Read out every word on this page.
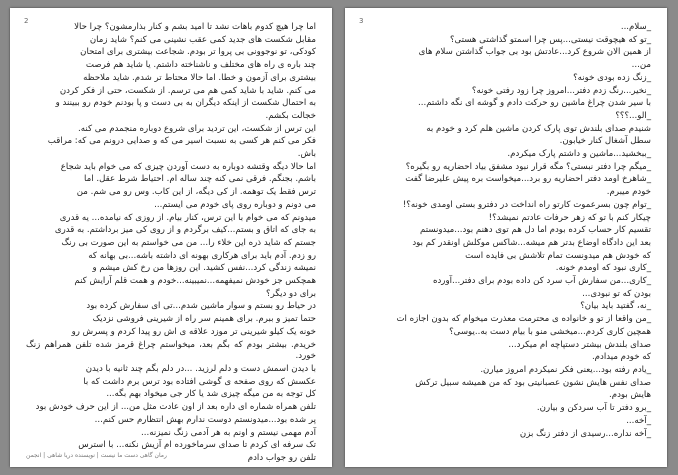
2

اما چرا هیچ کدوم باهات نشد تا امید بشم و کنار بذارمشون؟ چرا حالا

مقابل شکست های جدید کمی عقب نشینی می کنم؟ شاید زمان

کودکی، تو نوجوونی بی پروا تر بودم. شجاعت بیشتری برای امتحان

چند باره ی راه های مختلف و ناشناخته داشتم. یا شاید هم فرصت

بیشتری برای آزمون و خطا. اما حالا محتاط تر شدم. شاید ملاحظه

می کنم. شاید با شاید کمی هم می ترسم. از شکست، حتی از فکر کردن

به احتمال شکست از اینکه دیگران به بی دست و پا بودنم خودم رو ببینند و

خجالت بکشم.

این ترس از شکست، این تردید برای شروع دوباره منجمدم می کنه.

فکر می کنم هر کسی به نسبت اسیر می که و صدایی درونم می که: مراقب

باش.

اما حالا دیگه وقتشه دوباره به دست آوردن چیزی که می خوام باید شجاع

باشم. بجنگم. فرقی نمی کنه چند ساله ام. احتیاط شرط عقل. اما

ترس فقط یک توهمه. از کی دیگه، از این کاب. وس رو می شم. من

می دونم و دوباره روی پای خودم می ایستم...

میدونم که می خوام با این ترس، کنار بیام. از روزی که نیامده... یه قدری

به جای که اتاق و بستم...کیف برگردم و از روی کی میز برداشتم. به قدری

جستم که شاید ذره این خلاء را... من می خواستم به این صورت بی رنگ

رو زدم. آدم باید برای هرکاری بهونه ای داشته باشه...بی بهانه که

نمیشه زندگی کرد...نفس کشید. این روزها من رخ کش میشم و

همچکس جز خودش نمیفهمه...نمیبینه...خودم و همت قلم آرایش کنم

برای دو دیگر؟

در حیاط رو بستم و سوار ماشین شدم...تی ای سفارش کرده بود

حتما تمیز و ببرم. برای همینم سر راه از شیرینی فروشی نزدیک

خونه یک کیلو شیرینی تر موزد علاقه ی اش رو پیدا کردم و پسرش رو

خریدم. بیشتر بودم که بگم بعد، میخواستم چراغ قرمز شده تلفن همراهم زنگ خورد.

با دیدن اسمش دست و دلم لرزید. ...در دلم بگم چند ثانیه با دیدن

عکسش که روی صفحه ی گوشی افتاده بود ترس برم داشت که با

کل توجه به من میگه چیزی شد یا کار جی میخواد بهم بگه...

تلفن همراه شماره ای داره بعد از اون عادت مثل من... از این حرف خودش بود

پر شده بود...میدونستم دوست ندارم بهش انتظارم حس کنم...

آدم مهمی نیستم و اونم به هر آدمی زنگ نمیزنه...

تک سرفه ای کردم تا صدای سرماخورده ام آزیش نکنه... با استرس

تلفن رو جواب دادم

رمان گاهی دست ما نیست | نویسنده دریا شاهی | انجمن
3

_سلام...

_تو که هیچوقت نیستی...پس چرا اسمتو گذاشتی هستی؟

از همین الان شروع کرد...عادتش بود بی جواب گذاشتن سلام های

من...

_زنگ زده بودی خونه؟

_نخیر...رنگ زدم دفتر...امروز چرا زود رفتی خونه؟

با سیر شدن چراغ ماشین رو حرکت دادم و گوشه ای نگه داشتم...

_الو...؟؟؟

شنیدم صدای بلندش توی پارک کردن ماشین هلم کرد و خودم به

سطل آشغال کنار خیابون.

_ببخشید...ماشین و داشتم پارک میکردم.

_میگم چرا دفتر نبستی؟ مگه قرار نبود مشفق بیاد احضاریه رو بگیره؟

_شاهرخ اومد دفتر احضاریه رو برد...میخواست بره پیش علیرضا گفت

خودم میبرم.

_توام چون بسرعموت کارتو راه انداخت در دفترو بستی اومدی خونه؟!

چیکار کنم با تو که زهر حرفات عادتم نمیشد؟!

تقسیم کار حساب کرده بودم اما دل هم توی دهنم بود...میدونستم

بعد این دادگاه اوضاع بدتر هم میشه...شاکس موکلش اونقدر کم بود

که خودش هم میدونست تمام تلاشش بی فایده است

_کاری نبود که اومدم خونه.

_کاری...من سفارش آب سرد کن داده بودم برای دفتر...آورده

بودن که تو نبودی...

_نه، گفتید باید بیان؟

_من واقعا از تو و خانواده ی محترمت معذرت میخوام که بدون اجازه ات

همچین کاری کردم...میخشی منو با بیام دست به..یوسی؟

صدای بلندش بیشتر دستپاچه ام میکرد...

که خودم میدادم.

_یادم رفته بود...یعنی فکر نمیکردم امروز میارن.

صدای نفس هایش نشون عصبانیتی بود که من همیشه سبیل ترکش

هایش بودم.

_برو دفتر تا آب سردکن و بیارن.

_آخه...

_آخه نداره...رسیدی از دفتر زنگ بزن
